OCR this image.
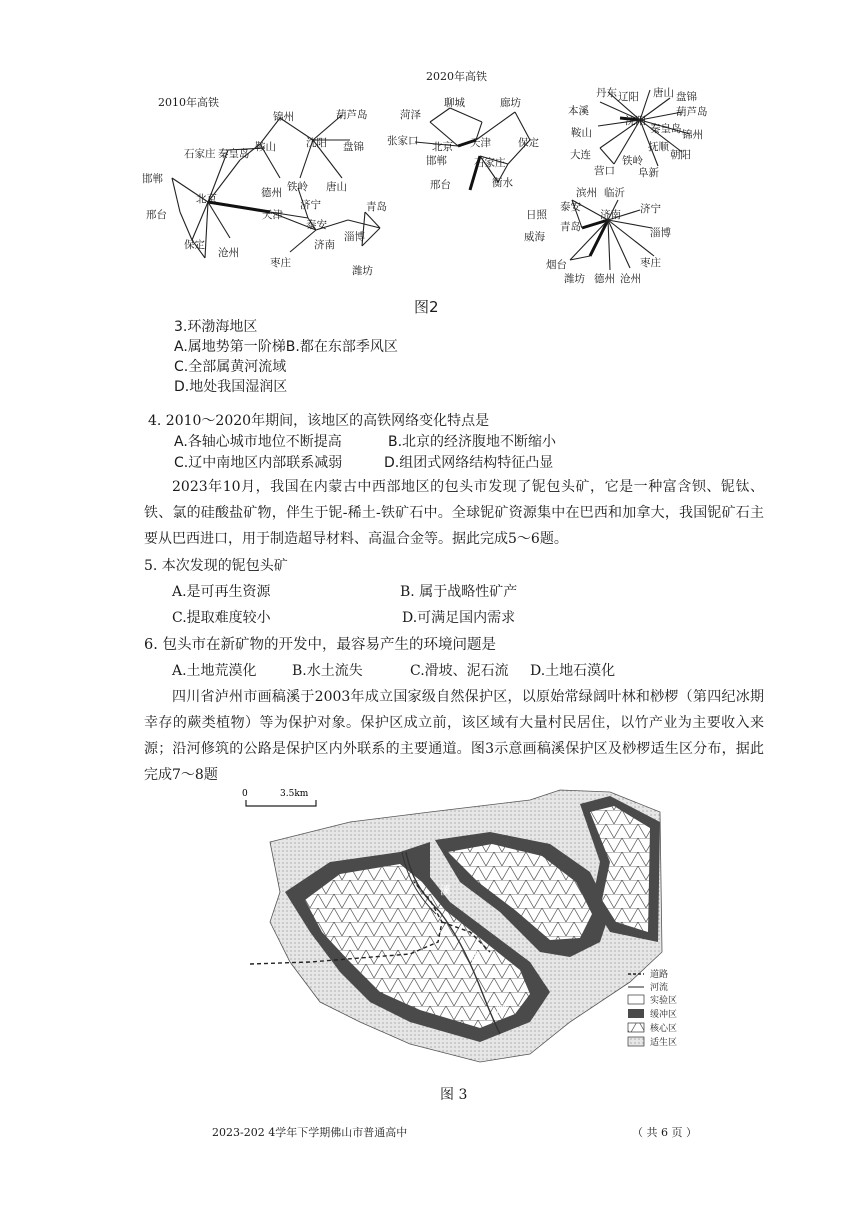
2010年高铁
锦州	葫芦岛
沈阳 盘锦
鞍山
石家庄 秦皇岛
邯郸
北京	德州 铁岭 唐山
济宁
邢台	天津
泰安
青岛
保定
沧州
济南
淄博
枣庄
潍坊
2020年高铁
菏泽
聊城	廊坊
张家口 北京 天津	保定
邯郸	石家庄
邢台	衡水
丹东 辽阳 唐山 盘锦
本溪	葫芦岛
沈阳
秦皇岛 锦州
鞍山
抚顺
朝阳
大连
营口
铁岭
阜新
滨州 临沂
泰安
济南 济宁
日照
青岛	淄博
威海
枣庄
烟台
潍坊 德州 沧州
图2
3.环渤海地区
A.属地势第一阶梯B.都在东部季风区
C.全部属黄河流域
D.地处我国湿润区
4. 2010～2020年期间，该地区的高铁网络变化特点是
A.各轴心城市地位不断提高	B.北京的经济腹地不断缩小
C.辽中南地区内部联系减弱	D.组团式网络结构特征凸显
2023年10月，我国在内蒙古中西部地区的包头市发现了铌包头矿，它是一种富含钡、铌钛、铁、氯的硅酸盐矿物，伴生于铌-稀土-铁矿石中。全球铌矿资源集中在巴西和加拿大，我国铌矿石主要从巴西进口，用于制造超导材料、高温合金等。据此完成5～6题。
5. 本次发现的铌包头矿
A.是可再生资源	B. 属于战略性矿产
C.提取难度较小	D.可满足国内需求
6. 包头市在新矿物的开发中，最容易产生的环境问题是
A.土地荒漠化	B.水土流失	C.滑坡、泥石流 D.土地石漠化
四川省泸州市画稿溪于2003年成立国家级自然保护区，以原始常绿阔叶林和桫椤（第四纪冰期幸存的蕨类植物）等为保护对象。保护区成立前，该区域有大量村民居住，以竹产业为主要收入来源；沿河修筑的公路是保护区内外联系的主要通道。图3示意画稿溪保护区及桫椤适生区分布，据此完成7～8题
0	3.5km
溪
稿
画
道路
河流
实验区
缓冲区
核心区
适生区
图 3
2023-202 4学年下学期佛山市普通高中	（ 共 6 页 ）
